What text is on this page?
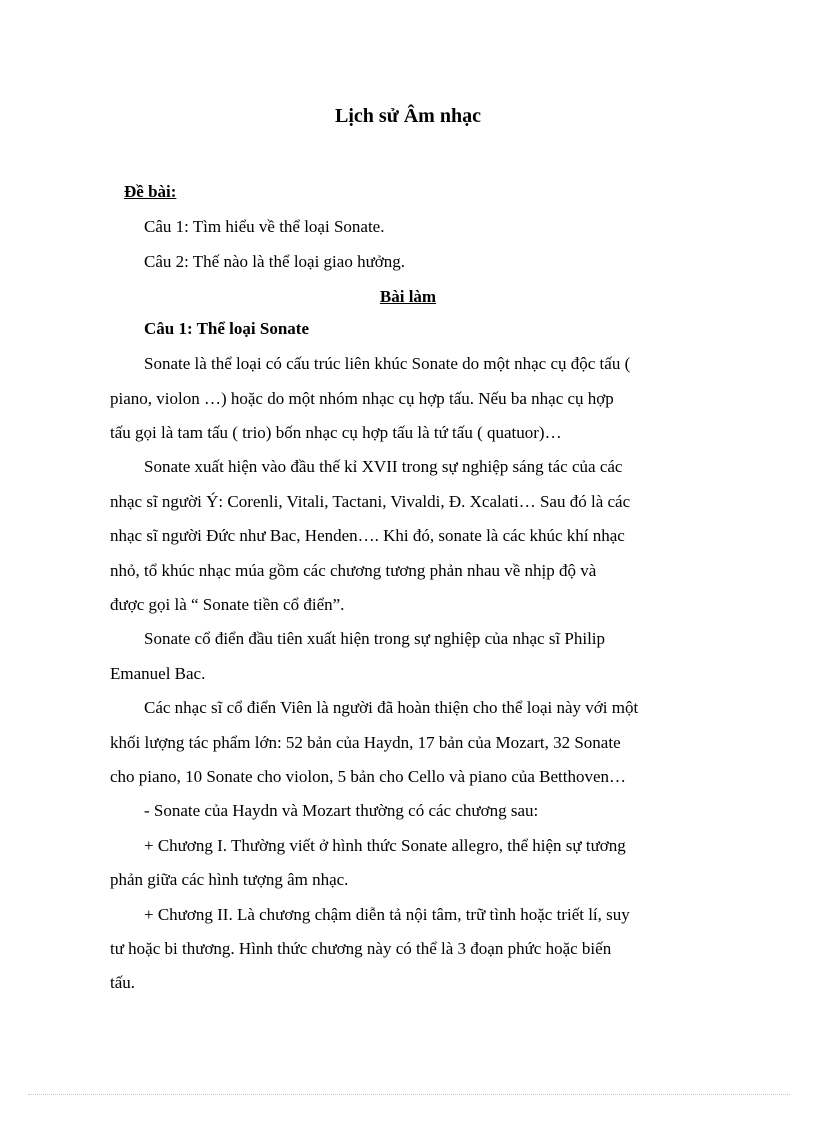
Lịch sử Âm nhạc
Đề bài:
Câu 1: Tìm hiểu về thể loại Sonate.
Câu 2: Thế nào là thể loại giao hưởng.
Bài làm
Câu 1: Thể loại Sonate
Sonate là thể loại có cấu trúc liên khúc Sonate do một nhạc cụ độc tấu (
piano, violon …) hoặc do một nhóm nhạc cụ hợp tấu. Nếu ba nhạc cụ hợp
tấu gọi là tam tấu ( trio) bốn nhạc cụ hợp tấu là tứ tấu ( quatuor)…
Sonate xuất hiện vào đầu thế kỉ XVII trong sự nghiệp sáng tác của các
nhạc sĩ người Ý: Corenli, Vitali, Tactani, Vivaldi, Đ. Xcalati… Sau đó là các
nhạc sĩ người Đức như Bac, Henden…. Khi đó, sonate là các khúc khí nhạc
nhỏ, tổ khúc nhạc múa gồm các chương tương phản nhau về nhịp độ và
được gọi là “ Sonate tiền cổ điển”.
Sonate cổ điển đầu tiên xuất hiện trong sự nghiệp của nhạc sĩ Philip
Emanuel Bac.
Các nhạc sĩ cổ điển Viên là người đã hoàn thiện cho thể loại này với một
khối lượng tác phẩm lớn: 52 bản của Haydn, 17 bản của Mozart, 32 Sonate
cho piano, 10 Sonate cho violon, 5 bản cho Cello và piano của Betthoven…
- Sonate của Haydn và Mozart thường có các chương sau:
+ Chương I. Thường viết ở hình thức Sonate allegro, thể hiện sự tương
phản giữa các hình tượng âm nhạc.
+ Chương II. Là chương chậm diễn tả nội tâm, trữ tình hoặc triết lí, suy
tư hoặc bi thương. Hình thức chương này có thể là 3 đoạn phức hoặc biến
tấu.
